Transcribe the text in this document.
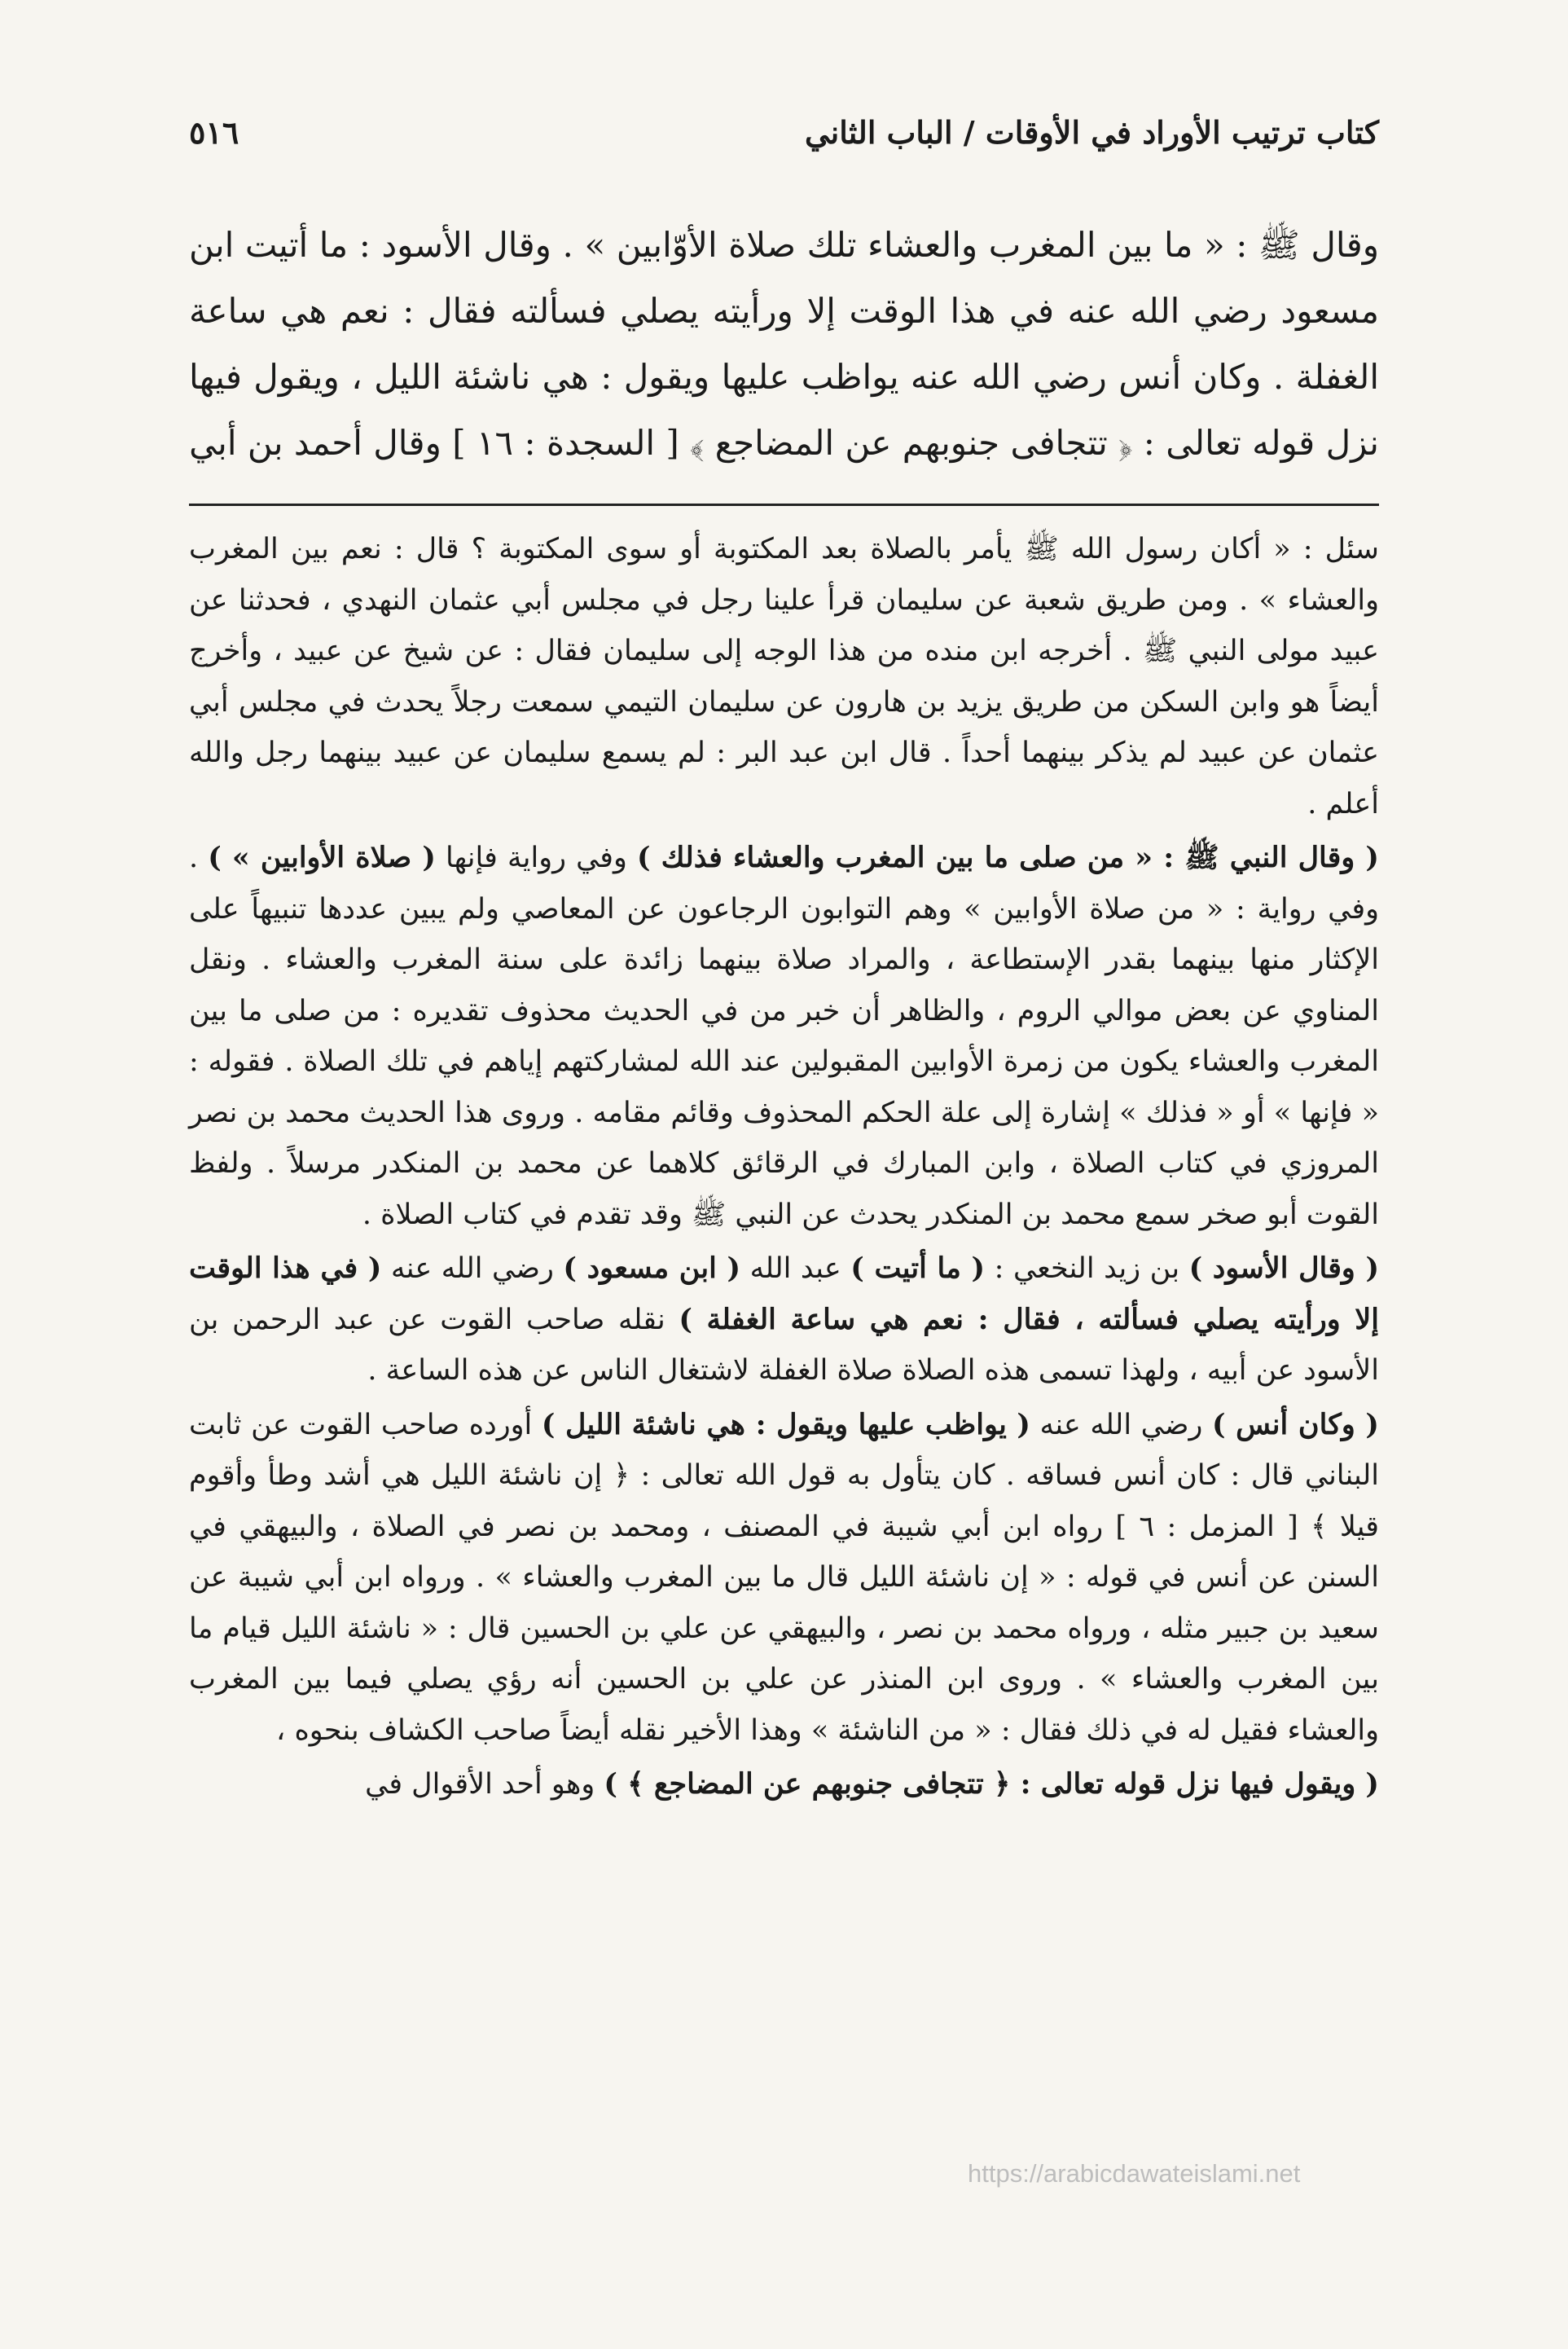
كتاب ترتيب الأوراد في الأوقات / الباب الثاني
٥١٦

وقال ﷺ : « ما بين المغرب والعشاء تلك صلاة الأوّابين » . وقال الأسود : ما أتيت ابن مسعود رضي الله عنه في هذا الوقت إلا ورأيته يصلي فسألته فقال : نعم هي ساعة الغفلة . وكان أنس رضي الله عنه يواظب عليها ويقول : هي ناشئة الليل ، ويقول فيها نزل قوله تعالى : ﴿ تتجافى جنوبهم عن المضاجع ﴾ [ السجدة : ١٦ ] وقال أحمد بن أبي

سئل : « أكان رسول الله ﷺ يأمر بالصلاة بعد المكتوبة أو سوى المكتوبة ؟ قال : نعم بين المغرب والعشاء » . ومن طريق شعبة عن سليمان قرأ علينا رجل في مجلس أبي عثمان النهدي ، فحدثنا عن عبيد مولى النبي ﷺ . أخرجه ابن منده من هذا الوجه إلى سليمان فقال : عن شيخ عن عبيد ، وأخرج أيضاً هو وابن السكن من طريق يزيد بن هارون عن سليمان التيمي سمعت رجلاً يحدث في مجلس أبي عثمان عن عبيد لم يذكر بينهما أحداً . قال ابن عبد البر : لم يسمع سليمان عن عبيد بينهما رجل والله أعلم .

( وقال النبي ﷺ : « من صلى ما بين المغرب والعشاء فذلك ) وفي رواية فإنها ( صلاة الأوابين » ) . وفي رواية : « من صلاة الأوابين » وهم التوابون الرجاعون عن المعاصي ولم يبين عددها تنبيهاً على الإكثار منها بينهما بقدر الإستطاعة ، والمراد صلاة بينهما زائدة على سنة المغرب والعشاء . ونقل المناوي عن بعض موالي الروم ، والظاهر أن خبر من في الحديث محذوف تقديره : من صلى ما بين المغرب والعشاء يكون من زمرة الأوابين المقبولين عند الله لمشاركتهم إياهم في تلك الصلاة . فقوله : « فإنها » أو « فذلك » إشارة إلى علة الحكم المحذوف وقائم مقامه . وروى هذا الحديث محمد بن نصر المروزي في كتاب الصلاة ، وابن المبارك في الرقائق كلاهما عن محمد بن المنكدر مرسلاً . ولفظ القوت أبو صخر سمع محمد بن المنكدر يحدث عن النبي ﷺ وقد تقدم في كتاب الصلاة .

( وقال الأسود ) بن زيد النخعي : ( ما أتيت ) عبد الله ( ابن مسعود ) رضي الله عنه ( في هذا الوقت إلا ورأيته يصلي فسألته ، فقال : نعم هي ساعة الغفلة ) نقله صاحب القوت عن عبد الرحمن بن الأسود عن أبيه ، ولهذا تسمى هذه الصلاة صلاة الغفلة لاشتغال الناس عن هذه الساعة .

( وكان أنس ) رضي الله عنه ( يواظب عليها ويقول : هي ناشئة الليل ) أورده صاحب القوت عن ثابت البناني قال : كان أنس فساقه . كان يتأول به قول الله تعالى : ﴿ إن ناشئة الليل هي أشد وطأ وأقوم قيلا ﴾ [ المزمل : ٦ ] رواه ابن أبي شيبة في المصنف ، ومحمد بن نصر في الصلاة ، والبيهقي في السنن عن أنس في قوله : « إن ناشئة الليل قال ما بين المغرب والعشاء » . ورواه ابن أبي شيبة عن سعيد بن جبير مثله ، ورواه محمد بن نصر ، والبيهقي عن علي بن الحسين قال : « ناشئة الليل قيام ما بين المغرب والعشاء » . وروى ابن المنذر عن علي بن الحسين أنه رؤي يصلي فيما بين المغرب والعشاء فقيل له في ذلك فقال : « من الناشئة » وهذا الأخير نقله أيضاً صاحب الكشاف بنحوه ،

( ويقول فيها نزل قوله تعالى : ﴿ تتجافى جنوبهم عن المضاجع ﴾ ) وهو أحد الأقوال في

https://arabicdawateislami.net
